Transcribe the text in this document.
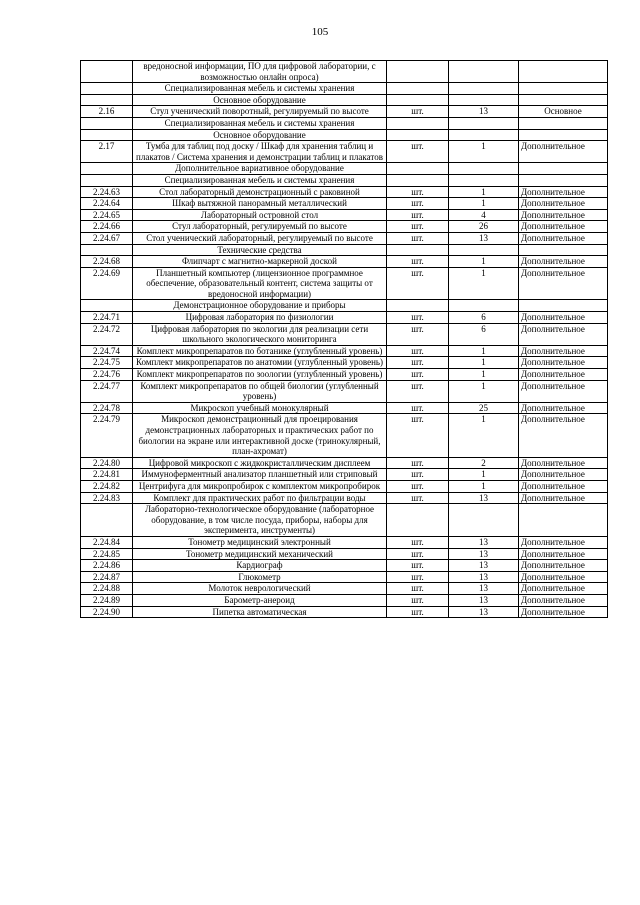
105
	вредоносной информации, ПО для цифровой лаборатории, с возможностью онлайн опроса)			
	Специализированная мебель и системы хранения			
	Основное оборудование			
2.16	Стул ученический поворотный, регулируемый по высоте	шт.	13	Основное
	Специализированная мебель и системы хранения			
	Основное оборудование			
2.17	Тумба для таблиц под доску / Шкаф для хранения таблиц и плакатов / Система хранения и демонстрации таблиц и плакатов	шт.	1	Дополнительное
	Дополнительное вариативное оборудование			
	Специализированная мебель и системы хранения			
2.24.63	Стол лабораторный демонстрационный с раковиной	шт.	1	Дополнительное
2.24.64	Шкаф вытяжной панорамный металлический	шт.	1	Дополнительное
2.24.65	Лабораторный островной стол	шт.	4	Дополнительное
2.24.66	Стул лабораторный, регулируемый по высоте	шт.	26	Дополнительное
2.24.67	Стол ученический лабораторный, регулируемый по высоте	шт.	13	Дополнительное
	Технические средства			
2.24.68	Флипчарт с магнитно-маркерной доской	шт.	1	Дополнительное
2.24.69	Планшетный компьютер (лицензионное программное обеспечение, образовательный контент, система защиты от вредоносной информации)	шт.	1	Дополнительное
	Демонстрационное оборудование и приборы			
2.24.71	Цифровая лаборатория по физиологии	шт.	6	Дополнительное
2.24.72	Цифровая лаборатория по экологии для реализации сети школьного экологического мониторинга	шт.	6	Дополнительное
2.24.74	Комплект микропрепаратов по ботанике (углубленный уровень)	шт.	1	Дополнительное
2.24.75	Комплект микропрепаратов по анатомии (углубленный уровень)	шт.	1	Дополнительное
2.24.76	Комплект микропрепаратов по зоологии (углубленный уровень)	шт.	1	Дополнительное
2.24.77	Комплект микропрепаратов по общей биологии (углубленный уровень)	шт.	1	Дополнительное
2.24.78	Микроскоп учебный монокулярный	шт.	25	Дополнительное
2.24.79	Микроскоп демонстрационный для проецирования демонстрационных лабораторных и практических работ по биологии на экране или интерактивной доске (тринокулярный, план-ахромат)	шт.	1	Дополнительное
2.24.80	Цифровой микроскоп с жидкокристаллическим дисплеем	шт.	2	Дополнительное
2.24.81	Иммуноферментный анализатор планшетный или стриповый	шт.	1	Дополнительное
2.24.82	Центрифуга для микропробирок с комплектом микропробирок	шт.	1	Дополнительное
2.24.83	Комплект для практических работ по фильтрации воды	шт.	13	Дополнительное
	Лабораторно-технологическое оборудование (лабораторное оборудование, в том числе посуда, приборы, наборы для эксперимента, инструменты)			
2.24.84	Тонометр медицинский электронный	шт.	13	Дополнительное
2.24.85	Тонометр медицинский механический	шт.	13	Дополнительное
2.24.86	Кардиограф	шт.	13	Дополнительное
2.24.87	Глюкометр	шт.	13	Дополнительное
2.24.88	Молоток неврологический	шт.	13	Дополнительное
2.24.89	Барометр-анероид	шт.	13	Дополнительное
2.24.90	Пипетка автоматическая	шт.	13	Дополнительное
